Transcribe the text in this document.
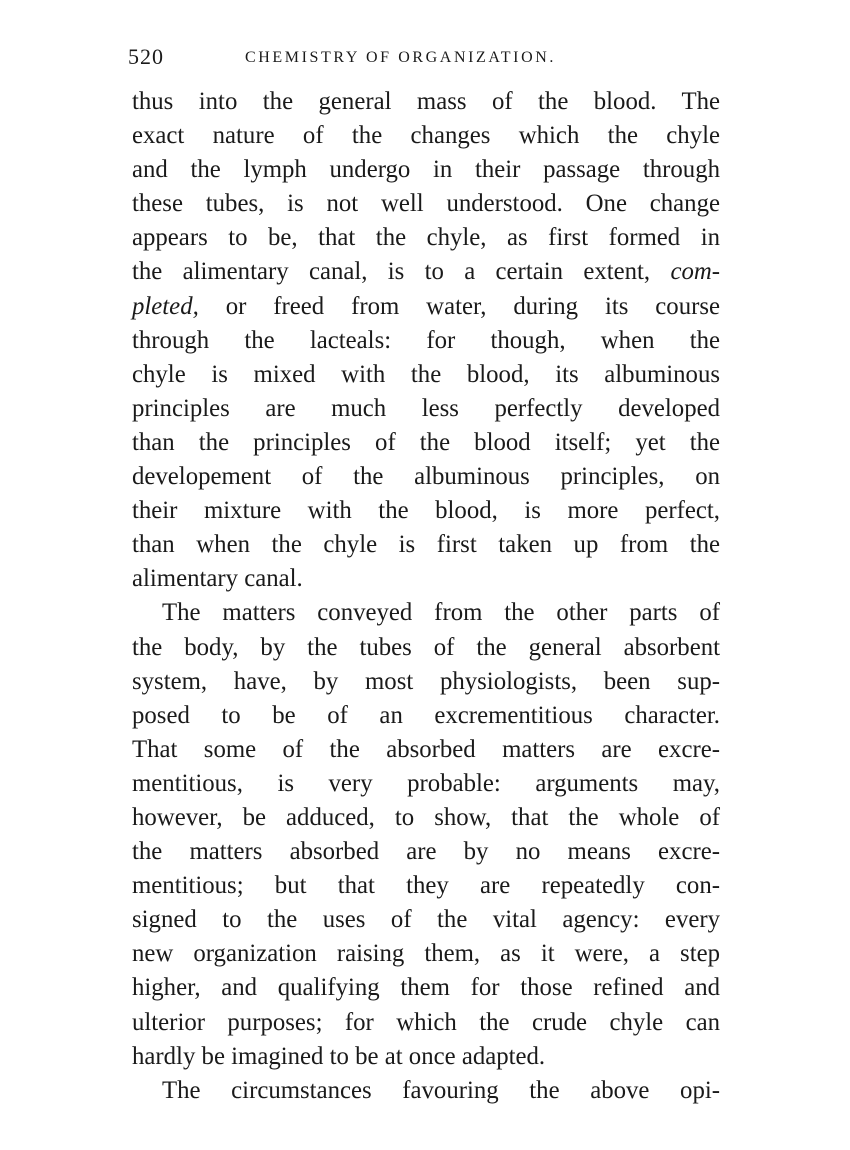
520	CHEMISTRY OF ORGANIZATION.
thus into the general mass of the blood. The
exact nature of the changes which the chyle
and the lymph undergo in their passage through
these tubes, is not well understood. One change
appears to be, that the chyle, as first formed in
the alimentary canal, is to a certain extent, com-
pleted, or freed from water, during its course
through the lacteals: for though, when the
chyle is mixed with the blood, its albuminous
principles are much less perfectly developed
than the principles of the blood itself; yet the
developement of the albuminous principles, on
their mixture with the blood, is more perfect,
than when the chyle is first taken up from the
alimentary canal.
The matters conveyed from the other parts of
the body, by the tubes of the general absorbent
system, have, by most physiologists, been sup-
posed to be of an excrementitious character.
That some of the absorbed matters are excre-
mentitious, is very probable: arguments may,
however, be adduced, to show, that the whole of
the matters absorbed are by no means excre-
mentitious; but that they are repeatedly con-
signed to the uses of the vital agency: every
new organization raising them, as it were, a step
higher, and qualifying them for those refined and
ulterior purposes; for which the crude chyle can
hardly be imagined to be at once adapted.
The circumstances favouring the above opi-
